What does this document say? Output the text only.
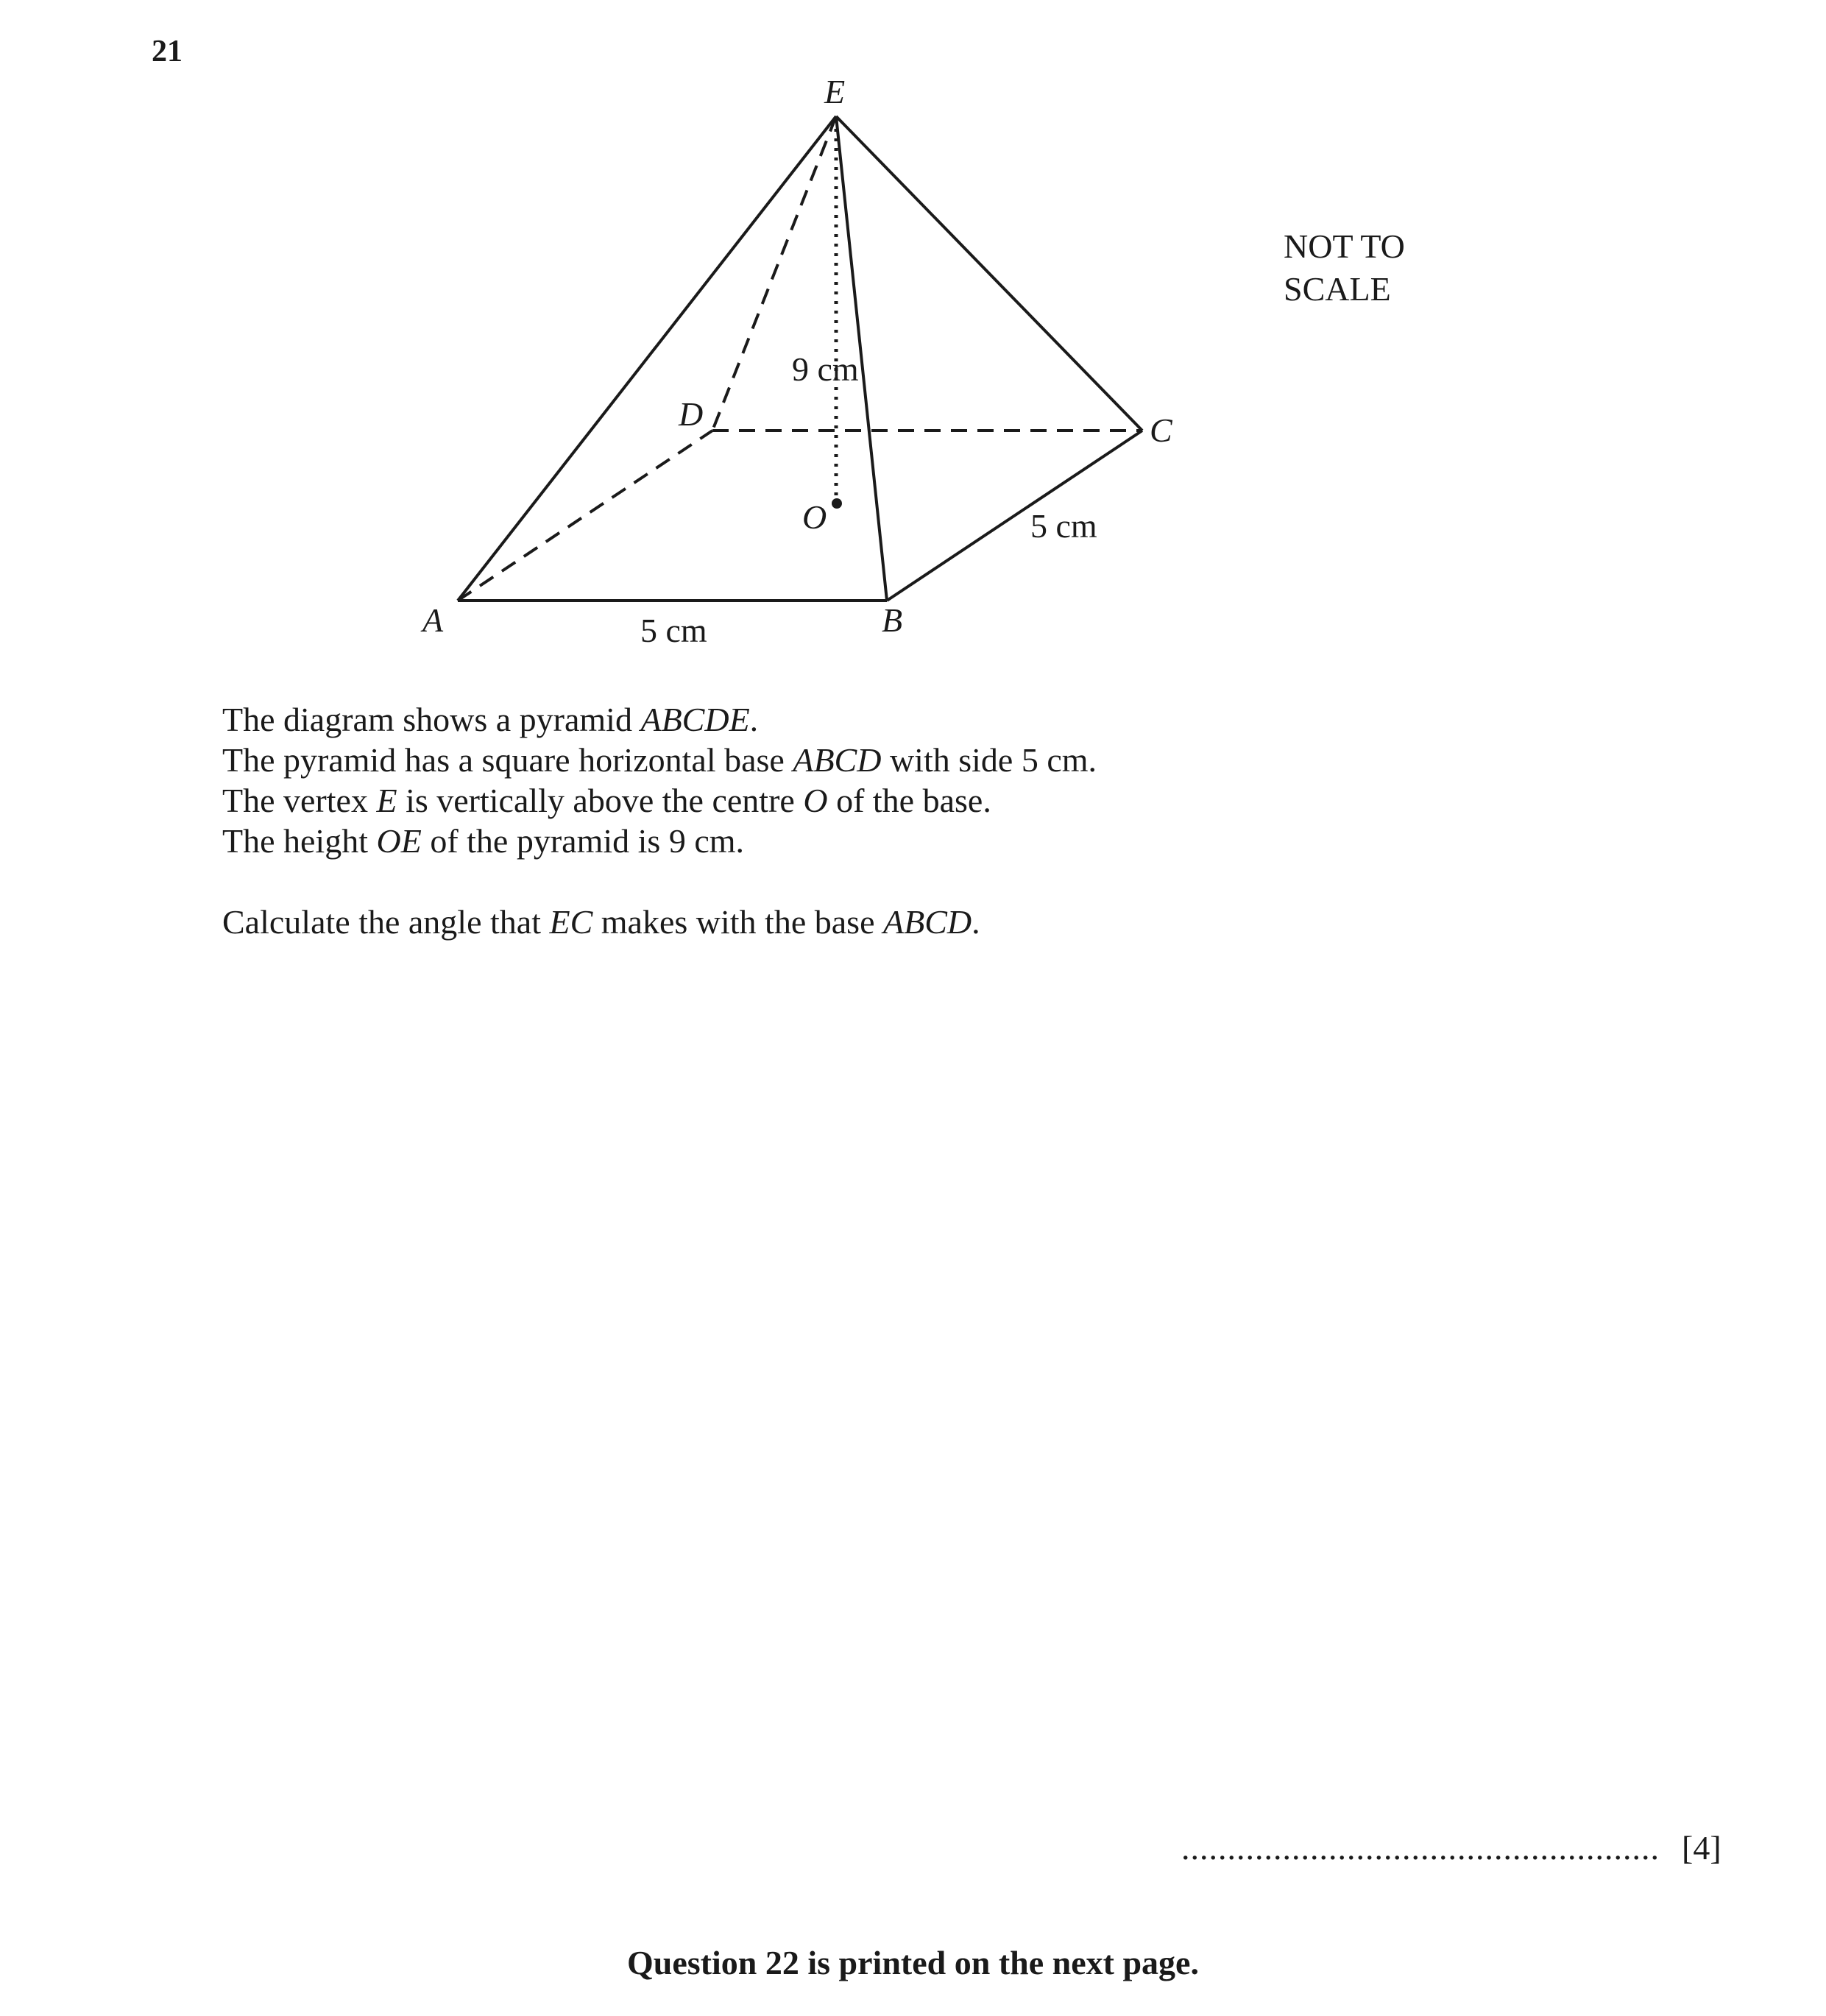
21
E
D	C
O
A	B
9 cm
5 cm
5 cm
NOT TO
SCALE
The diagram shows a pyramid ABCDE.
The pyramid has a square horizontal base ABCD with side 5 cm.
The vertex E is vertically above the centre O of the base.
The height OE of the pyramid is 9 cm.
Calculate the angle that EC makes with the base ABCD.
.................................................... [4]
Question 22 is printed on the next page.
